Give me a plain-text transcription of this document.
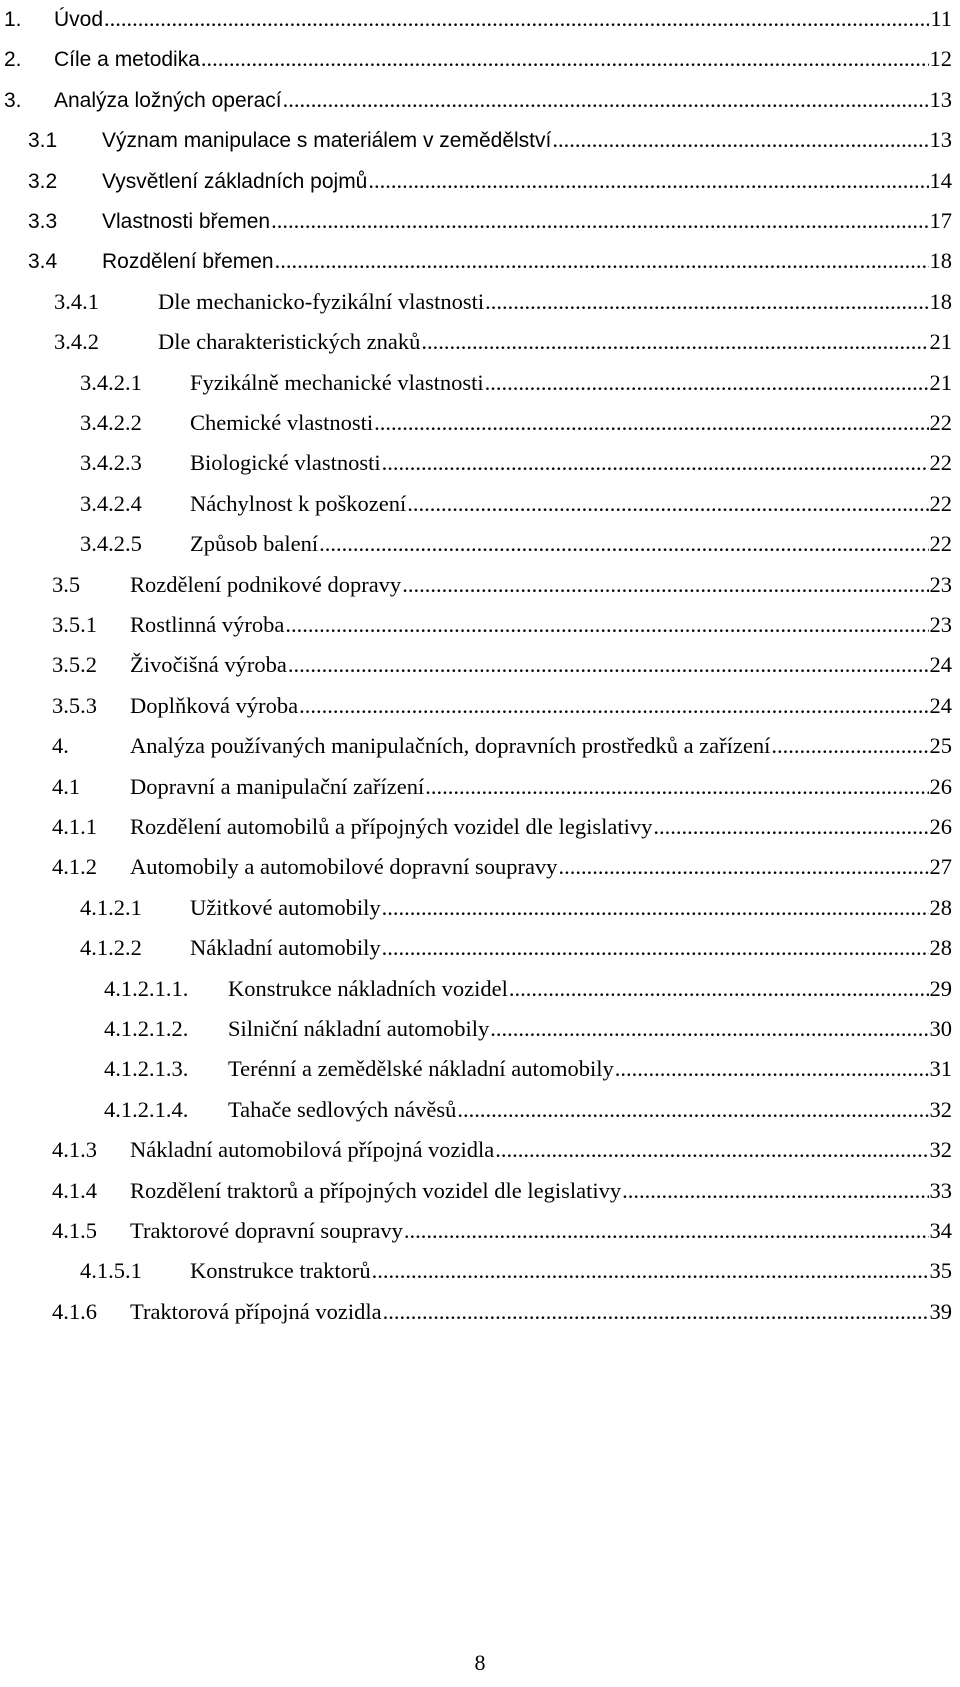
1. Úvod .....	11
2. Cíle a metodika .....	12
3. Analýza ložných operací .....	13
3.1 Význam manipulace s materiálem v zemědělství .....	13
3.2 Vysvětlení základních pojmů .....	14
3.3 Vlastnosti břemen .....	17
3.4 Rozdělení břemen .....	18
3.4.1	Dle mechanicko-fyzikální vlastnosti .....	18
3.4.2	Dle charakteristických znaků .....	21
3.4.2.1 Fyzikálně mechanické vlastnosti .....	21
3.4.2.2 Chemické vlastnosti .....	22
3.4.2.3 Biologické vlastnosti .....	22
3.4.2.4 Náchylnost k poškození .....	22
3.4.2.5 Způsob balení .....	22
3.5 Rozdělení podnikové dopravy .....	23
3.5.1 Rostlinná výroba .....	23
3.5.2 Živočišná výroba .....	24
3.5.3 Doplňková výroba .....	24
4.	Analýza používaných manipulačních, dopravních prostředků a zařízení .....	25
4.1 Dopravní a manipulační zařízení .....	26
4.1.1 Rozdělení automobilů a přípojných vozidel dle legislativy .....	26
4.1.2 Automobily a automobilové dopravní soupravy .....	27
4.1.2.1 Užitkové automobily .....	28
4.1.2.2 Nákladní automobily .....	28
4.1.2.1.1. Konstrukce nákladních vozidel .....	29
4.1.2.1.2. Silniční nákladní automobily .....	30
4.1.2.1.3. Terénní a zemědělské nákladní automobily .....	31
4.1.2.1.4. Tahače sedlových návěsů .....	32
4.1.3 Nákladní automobilová přípojná vozidla .....	32
4.1.4 Rozdělení traktorů a přípojných vozidel dle legislativy .....	33
4.1.5 Traktorové dopravní soupravy .....	34
4.1.5.1 Konstrukce traktorů .....	35
4.1.6 Traktorová přípojná vozidla .....	39
8
